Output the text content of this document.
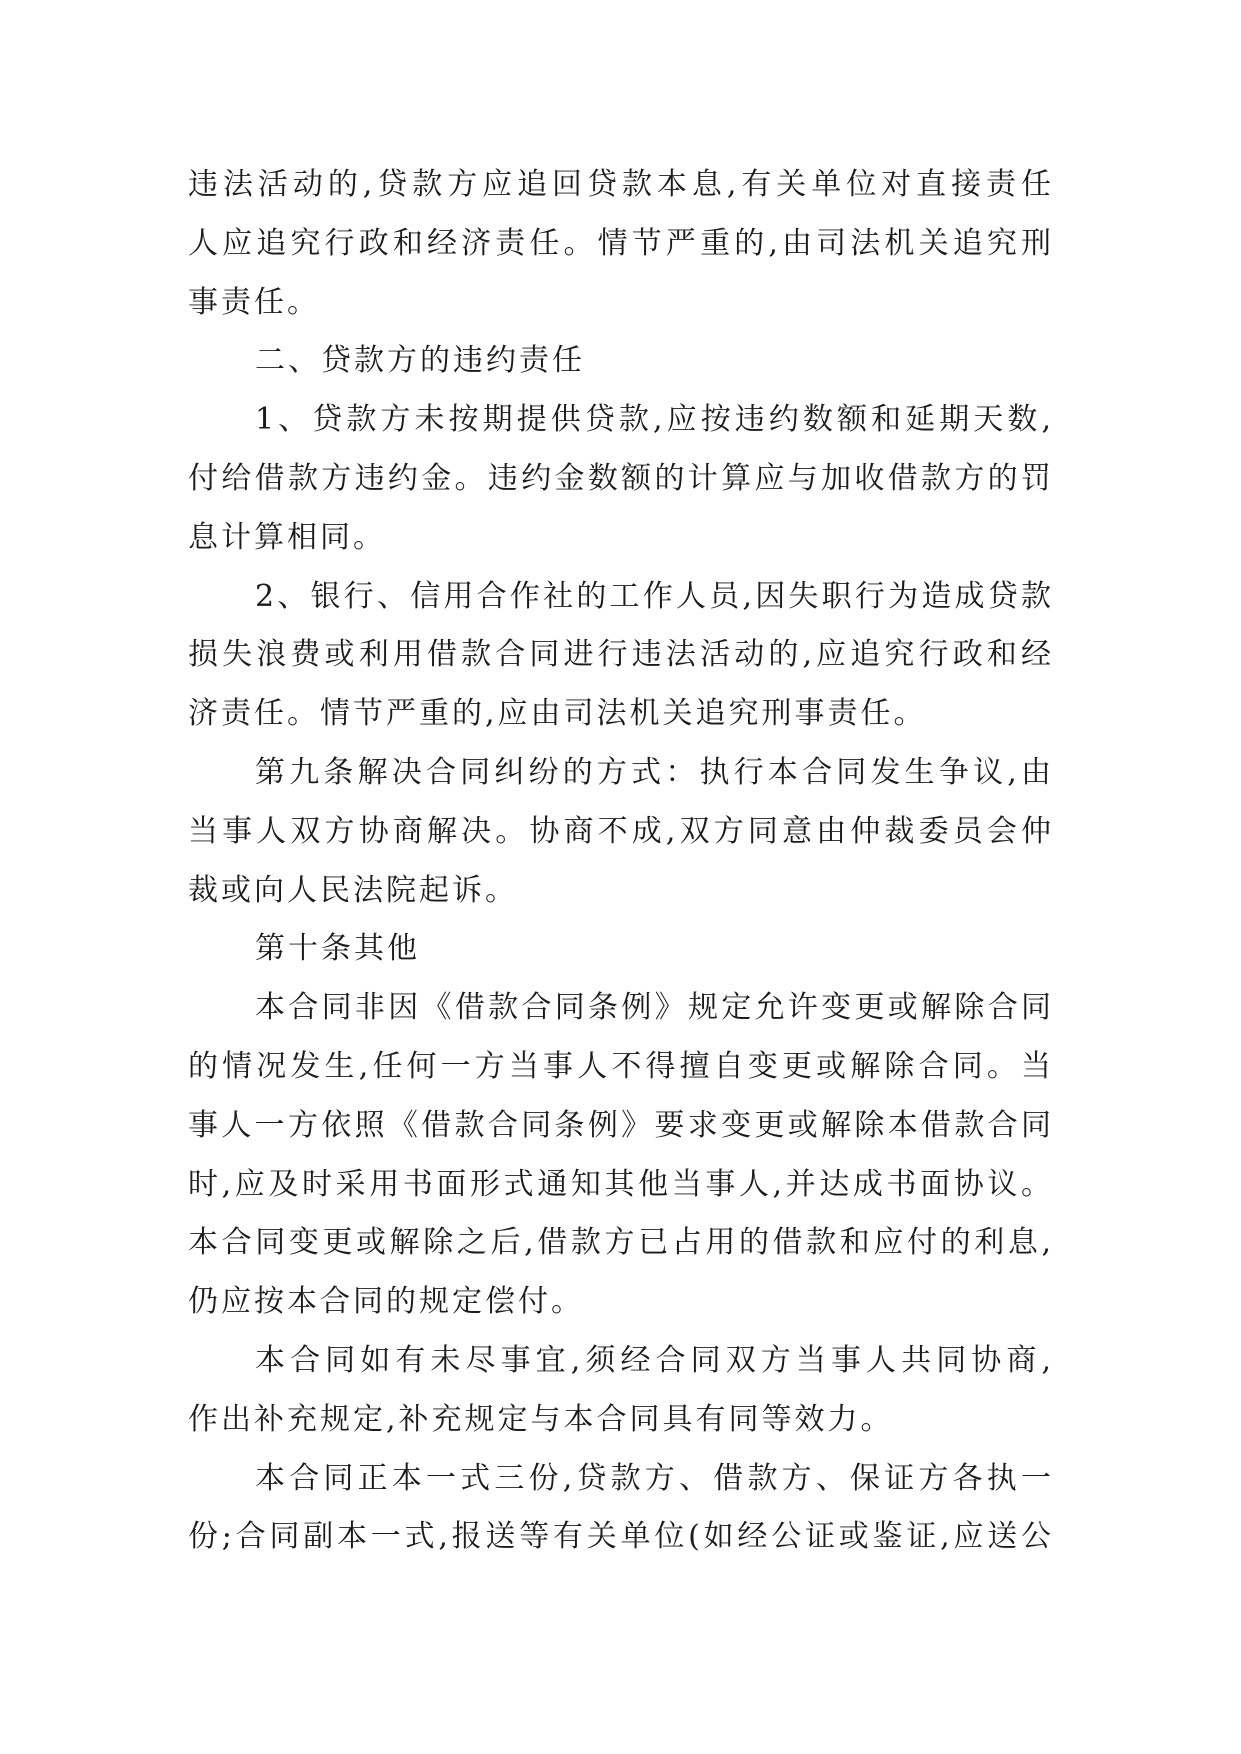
违法活动的,贷款方应追回贷款本息,有关单位对直接责任
人应追究行政和经济责任。情节严重的,由司法机关追究刑
事责任。
二、贷款方的违约责任
1、贷款方未按期提供贷款,应按违约数额和延期天数,
付给借款方违约金。违约金数额的计算应与加收借款方的罚
息计算相同。
2、银行、信用合作社的工作人员,因失职行为造成贷款
损失浪费或利用借款合同进行违法活动的,应追究行政和经
济责任。情节严重的,应由司法机关追究刑事责任。
第九条解决合同纠纷的方式：执行本合同发生争议,由
当事人双方协商解决。协商不成,双方同意由仲裁委员会仲
裁或向人民法院起诉。
第十条其他
本合同非因《借款合同条例》规定允许变更或解除合同
的情况发生,任何一方当事人不得擅自变更或解除合同。当
事人一方依照《借款合同条例》要求变更或解除本借款合同
时,应及时采用书面形式通知其他当事人,并达成书面协议。
本合同变更或解除之后,借款方已占用的借款和应付的利息,
仍应按本合同的规定偿付。
本合同如有未尽事宜,须经合同双方当事人共同协商,
作出补充规定,补充规定与本合同具有同等效力。
本合同正本一式三份,贷款方、借款方、保证方各执一
份;合同副本一式,报送等有关单位(如经公证或鉴证,应送公
